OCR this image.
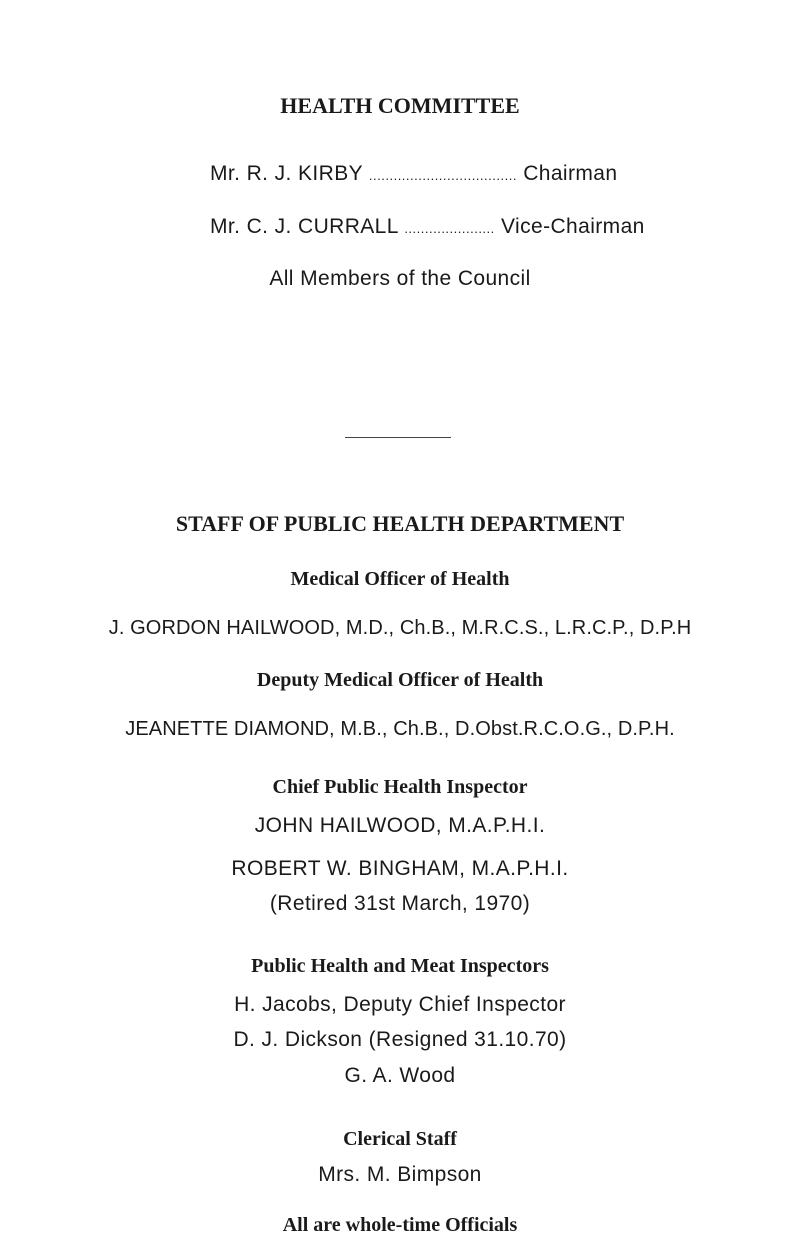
HEALTH COMMITTEE
Mr. R. J. KIRBY .................................... Chairman
Mr. C. J. CURRALL ...................... Vice-Chairman
All Members of the Council
STAFF OF PUBLIC HEALTH DEPARTMENT
Medical Officer of Health
J. GORDON HAILWOOD, M.D., Ch.B., M.R.C.S., L.R.C.P., D.P.H
Deputy Medical Officer of Health
JEANETTE DIAMOND, M.B., Ch.B., D.Obst.R.C.O.G., D.P.H.
Chief Public Health Inspector
JOHN HAILWOOD, M.A.P.H.I.
ROBERT W. BINGHAM, M.A.P.H.I.
(Retired 31st March, 1970)
Public Health and Meat Inspectors
H. Jacobs, Deputy Chief Inspector
D. J. Dickson (Resigned 31.10.70)
G. A. Wood
Clerical Staff
Mrs. M. Bimpson
All are whole-time Officials
